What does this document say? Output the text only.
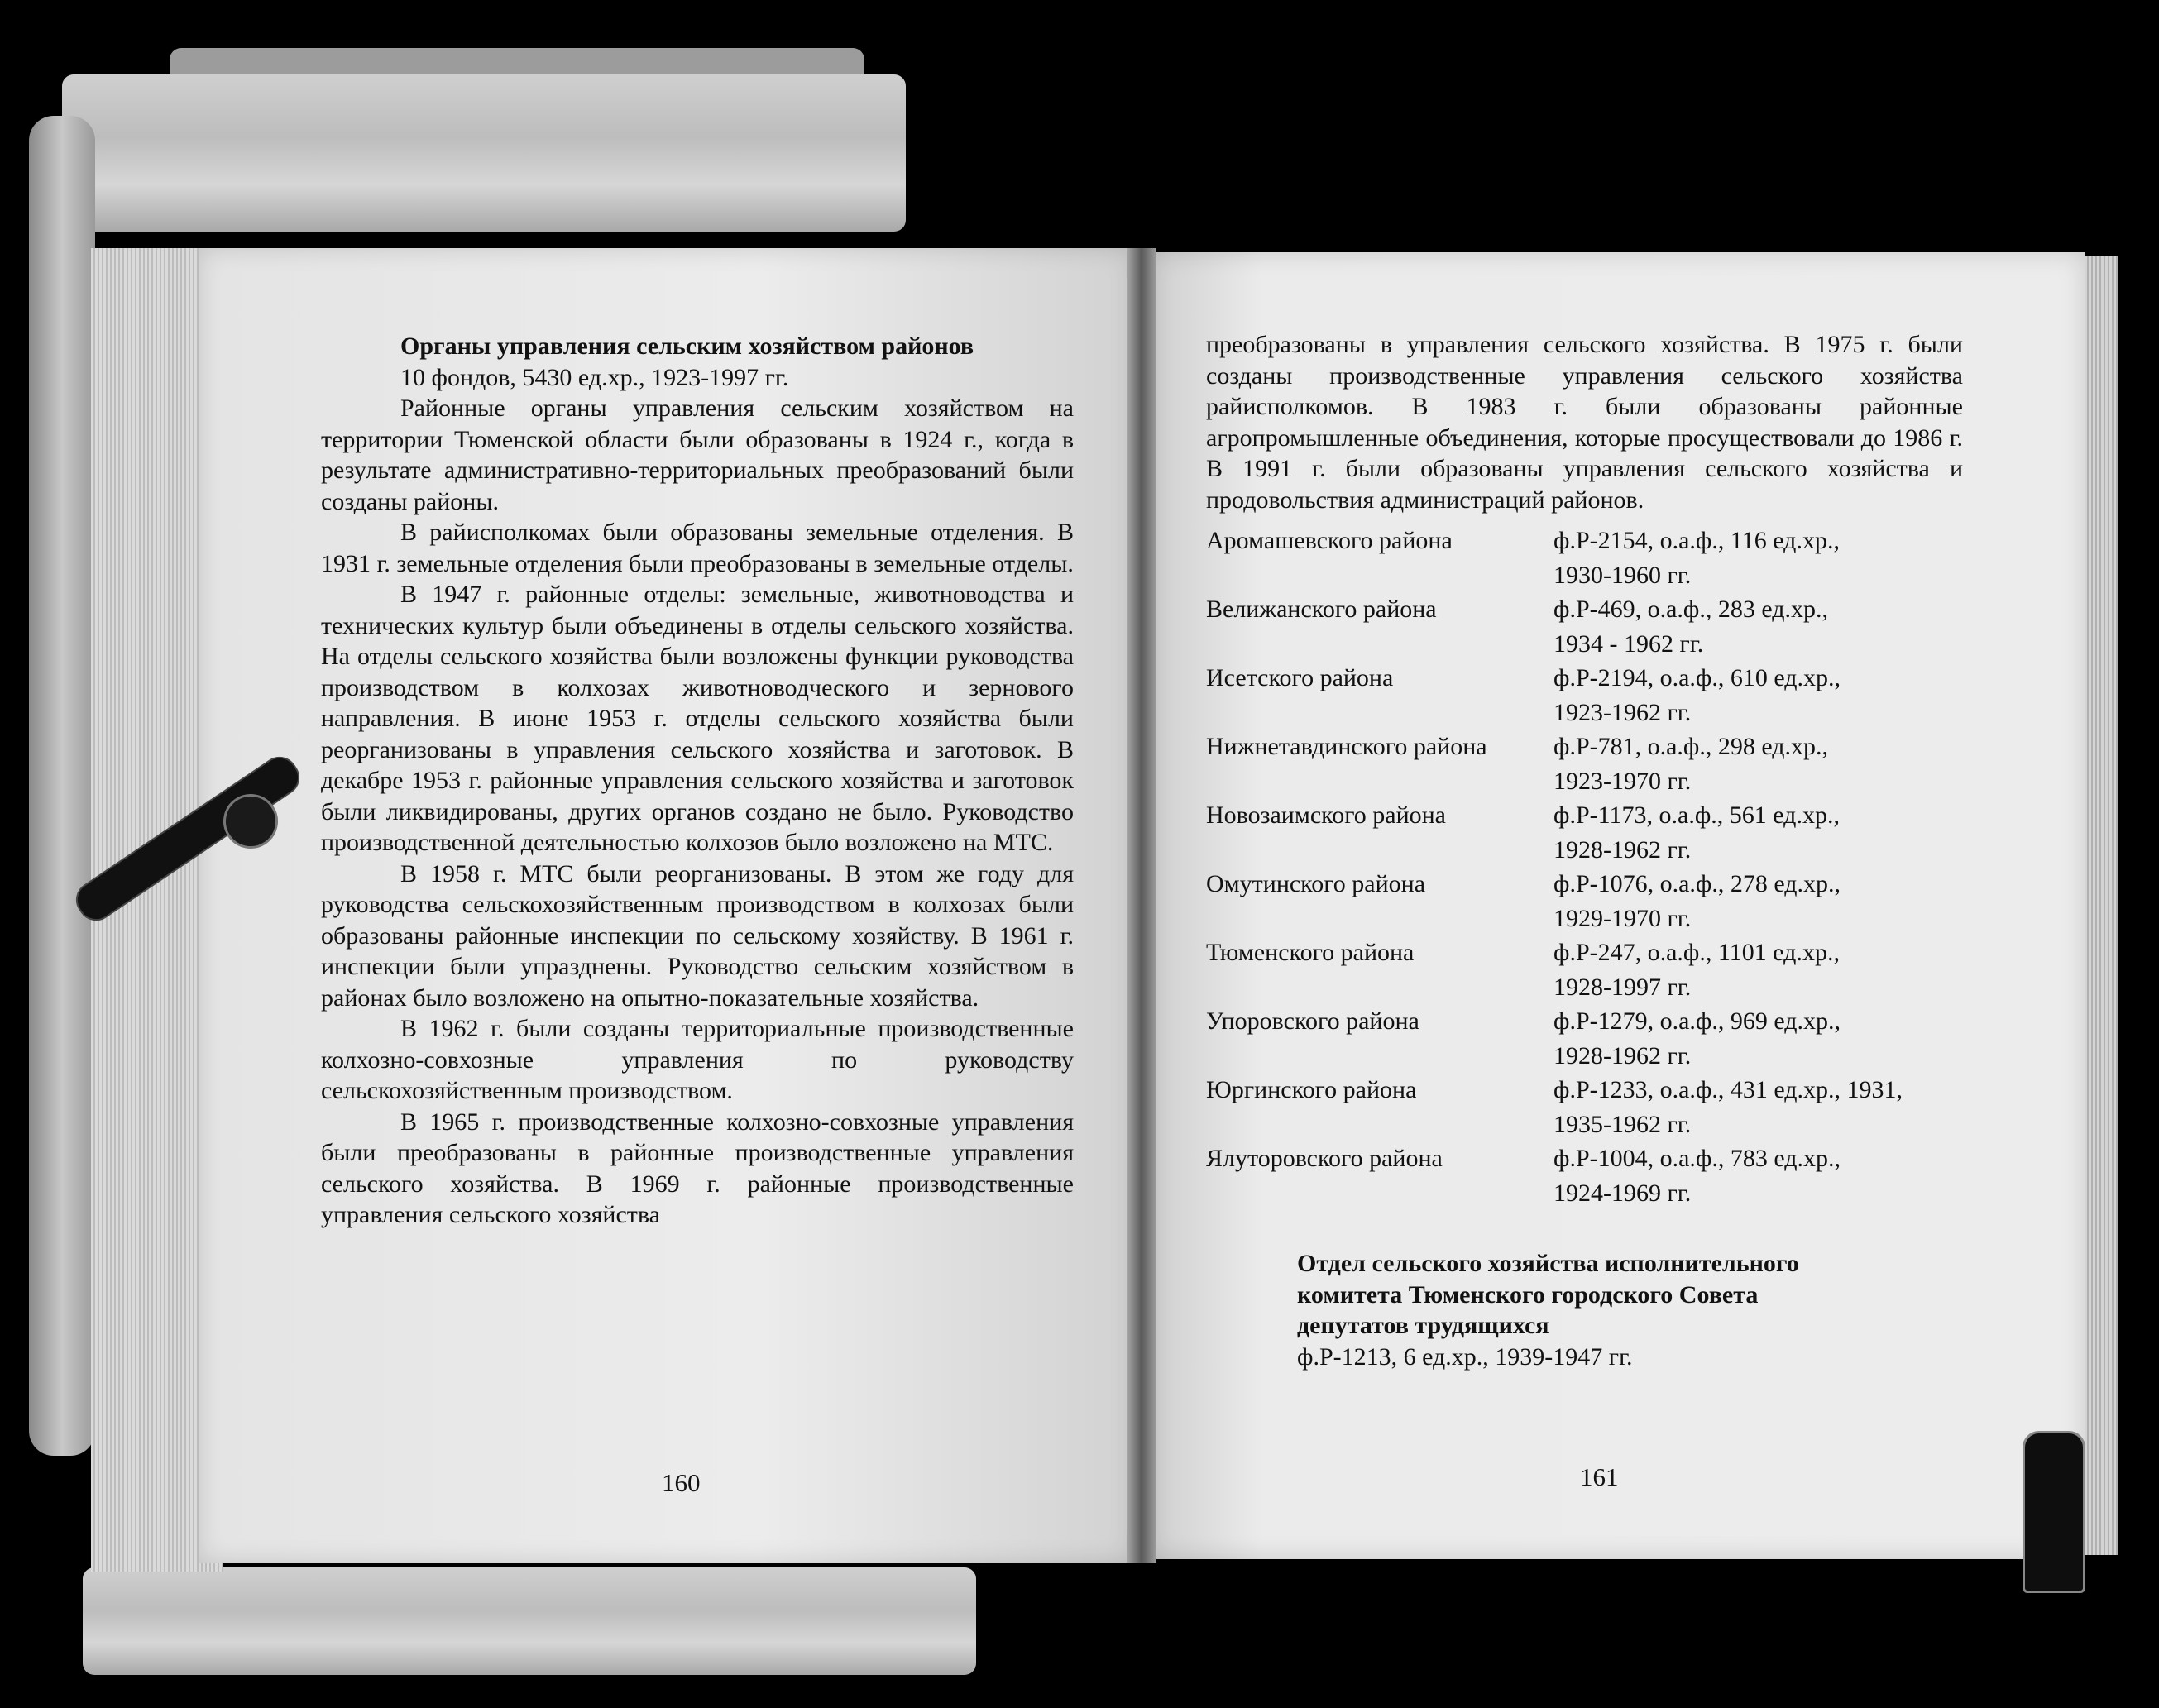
Органы управления сельским хозяйством районов

10 фондов, 5430 ед.хр., 1923-1997 гг.

Районные органы управления сельским хозяйством на территории Тюменской области были образованы в 1924 г., когда в результате административно-территориальных преобразований были созданы районы.

В райисполкомах были образованы земельные отделения. В 1931 г. земельные отделения были преобразованы в земельные отделы.

В 1947 г. районные отделы: земельные, животноводства и технических культур были объединены в отделы сельского хозяйства. На отделы сельского хозяйства были возложены функции руководства производством в колхозах животноводческого и зернового направления. В июне 1953 г. отделы сельского хозяйства были реорганизованы в управления сельского хозяйства и заготовок. В декабре 1953 г. районные управления сельского хозяйства и заготовок были ликвидированы, других органов создано не было. Руководство производственной деятельностью колхозов было возложено на МТС.

В 1958 г. МТС были реорганизованы. В этом же году для руководства сельскохозяйственным производством в колхозах были образованы районные инспекции по сельскому хозяйству. В 1961 г. инспекции были упразднены. Руководство сельским хозяйством в районах было возложено на опытно-показательные хозяйства.

В 1962 г. были созданы территориальные производственные колхозно-совхозные управления по руководству сельскохозяйственным производством.

В 1965 г. производственные колхозно-совхозные управления были преобразованы в районные производственные управления сельского хозяйства. В 1969 г. районные производственные управления сельского хозяйства

преобразованы в управления сельского хозяйства. В 1975 г. были созданы производственные управления сельского хозяйства райисполкомов. В 1983 г. были образованы районные агропромышленные объединения, которые просуществовали до 1986 г. В 1991 г. были образованы управления сельского хозяйства и продовольствия администраций районов.

Аромашевского района	ф.Р-2154, о.а.ф., 116 ед.хр.,
1930-1960 гг.
Велижанского района	ф.Р-469, о.а.ф., 283 ед.хр.,
1934 - 1962 гг.
Исетского района	ф.Р-2194, о.а.ф., 610 ед.хр.,
1923-1962 гг.
Нижнетавдинского района	ф.Р-781, о.а.ф., 298 ед.хр.,
1923-1970 гг.
Новозаимского района	ф.Р-1173, о.а.ф., 561 ед.хр.,
1928-1962 гг.
Омутинского района	ф.Р-1076, о.а.ф., 278 ед.хр.,
1929-1970 гг.
Тюменского района	ф.Р-247, о.а.ф., 1101 ед.хр.,
1928-1997 гг.
Упоровского района	ф.Р-1279, о.а.ф., 969 ед.хр.,
1928-1962 гг.
Юргинского района	ф.Р-1233, о.а.ф., 431 ед.хр., 1931,
1935-1962 гг.
Ялуторовского района	ф.Р-1004, о.а.ф., 783 ед.хр.,
1924-1969 гг.

Отдел сельского хозяйства исполнительного

комитета Тюменского городского Совета

депутатов трудящихся

ф.Р-1213, 6 ед.хр., 1939-1947 гг.

160	161
